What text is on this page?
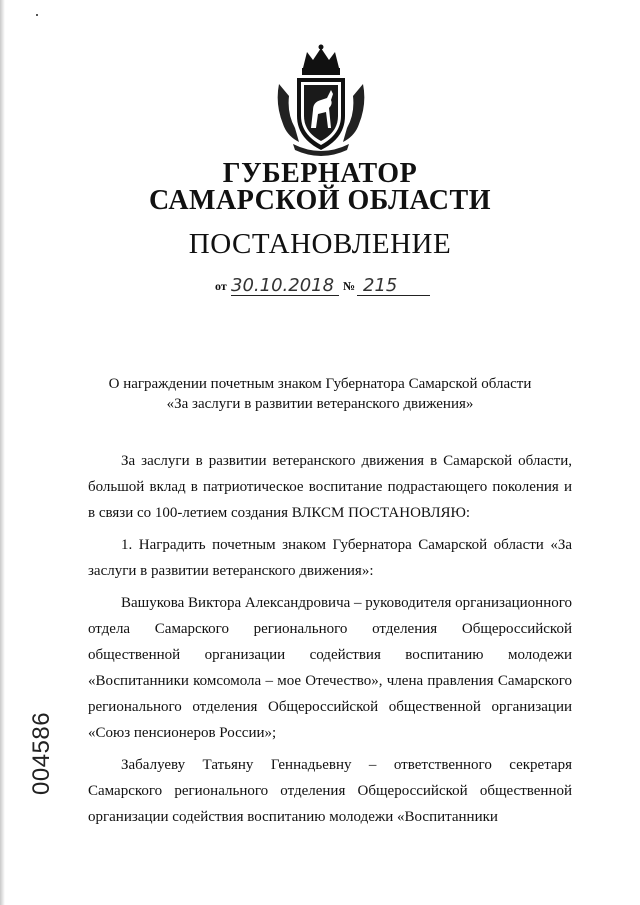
ГУБЕРНАТОР
САМАРСКОЙ ОБЛАСТИ
ПОСТАНОВЛЕНИЕ
от 30.10.2018 № 215
О награждении почетным знаком Губернатора Самарской области
«За заслуги в развитии ветеранского движения»

За заслуги в развитии ветеранского движения в Самарской области, большой вклад в патриотическое воспитание подрастающего поколения и в связи со 100-летием создания ВЛКСМ ПОСТАНОВЛЯЮ:

1. Наградить почетным знаком Губернатора Самарской области «За заслуги в развитии ветеранского движения»:

Вашукова Виктора Александровича – руководителя организационного отдела Самарского регионального отделения Общероссийской общественной организации содействия воспитанию молодежи «Воспитанники комсомола – мое Отечество», члена правления Самарского регионального отделения Общероссийской общественной организации «Союз пенсионеров России»;

Забалуеву Татьяну Геннадьевну – ответственного секретаря Самарского регионального отделения Общероссийской общественной организации содействия воспитанию молодежи «Воспитанники

004586
